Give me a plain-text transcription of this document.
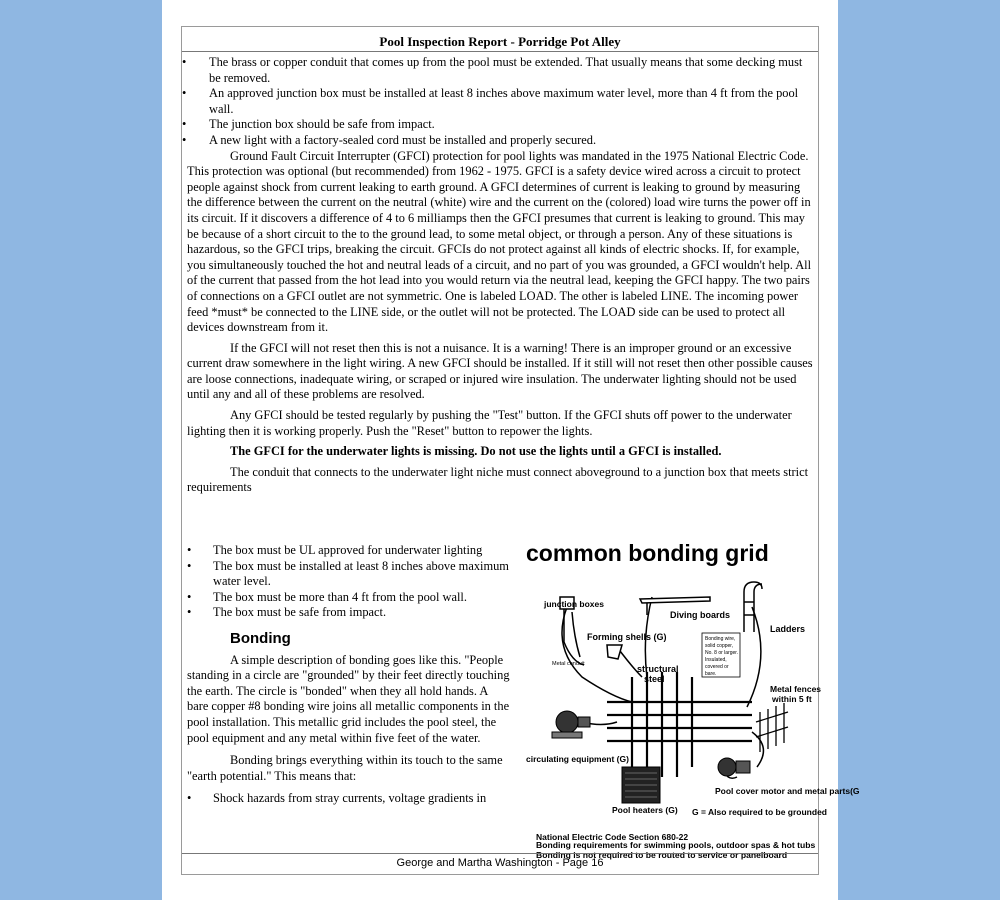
Pool Inspection Report - Porridge Pot Alley

• The brass or copper conduit that comes up from the pool must be extended. That usually means that some decking must be removed.

• An approved junction box must be installed at least 8 inches above maximum water level, more than 4 ft from the pool wall.

• The junction box should be safe from impact.

• A new light with a factory-sealed cord must be installed and properly secured.

Ground Fault Circuit Interrupter (GFCI) protection for pool lights was mandated in the 1975 National Electric Code. This protection was optional (but recommended) from 1962 - 1975. GFCI is a safety device wired across a circuit to protect people against shock from current leaking to earth ground. A GFCI determines of current is leaking to ground by measuring the difference between the current on the neutral (white) wire and the current on the (colored) load wire turns the power off in its circuit. If it discovers a difference of 4 to 6 milliamps then the GFCI presumes that current is leaking to ground. This may be because of a short circuit to the to the ground lead, to some metal object, or through a person. Any of these situations is hazardous, so the GFCI trips, breaking the circuit. GFCIs do not protect against all kinds of electric shocks. If, for example, you simultaneously touched the hot and neutral leads of a circuit, and no part of you was grounded, a GFCI wouldn't help. All of the current that passed from the hot lead into you would return via the neutral lead, keeping the GFCI happy. The two pairs of connections on a GFCI outlet are not symmetric. One is labeled LOAD. The other is labeled LINE. The incoming power feed *must* be connected to the LINE side, or the outlet will not be protected. The LOAD side can be used to protect all devices downstream from it.

If the GFCI will not reset then this is not a nuisance. It is a warning! There is an improper ground or an excessive current draw somewhere in the light wiring. A new GFCI should be installed. If it still will not reset then other possible causes are loose connections, inadequate wiring, or scraped or injured wire insulation. The underwater lighting should not be used until any and all of these problems are resolved.

Any GFCI should be tested regularly by pushing the "Test" button. If the GFCI shuts off power to the underwater lighting then it is working properly. Push the "Reset" button to repower the lights.

The GFCI for the underwater lights is missing. Do not use the lights until a GFCI is installed.

The conduit that connects to the underwater light niche must connect aboveground to a junction box that meets strict requirements

• The box must be UL approved for underwater lighting

• The box must be installed at least 8 inches above maximum water level.

• The box must be more than 4 ft from the pool wall.

• The box must be safe from impact.

Bonding

A simple description of bonding goes like this. "People standing in a circle are "grounded" by their feet directly touching the earth. The circle is "bonded" when they all hold hands. A bare copper #8 bonding wire joins all metallic components in the pool installation. This metallic grid includes the pool steel, the pool equipment and any metal within five feet of the water.

Bonding brings everything within its touch to the same "earth potential." This means that:

• Shock hazards from stray currents, voltage gradients in

common bonding grid
Bonding wire,
solid copper,
No. 8 or larger.
Insulated,
covered or
bare.
junction boxes
Diving boards
Ladders
Forming shells (G)
structural
steel
Metal fences
within 5 ft
circulating equipment (G)
Pool cover motor and metal parts(G
Pool heaters (G) G = Also required to be grounded
National Electric Code Section 680-22
Metal conduit
Bonding requirements for swimming pools, outdoor spas & hot tubs
Bonding is not required to be routed to service or panelboard
George and Martha Washington - Page 16
